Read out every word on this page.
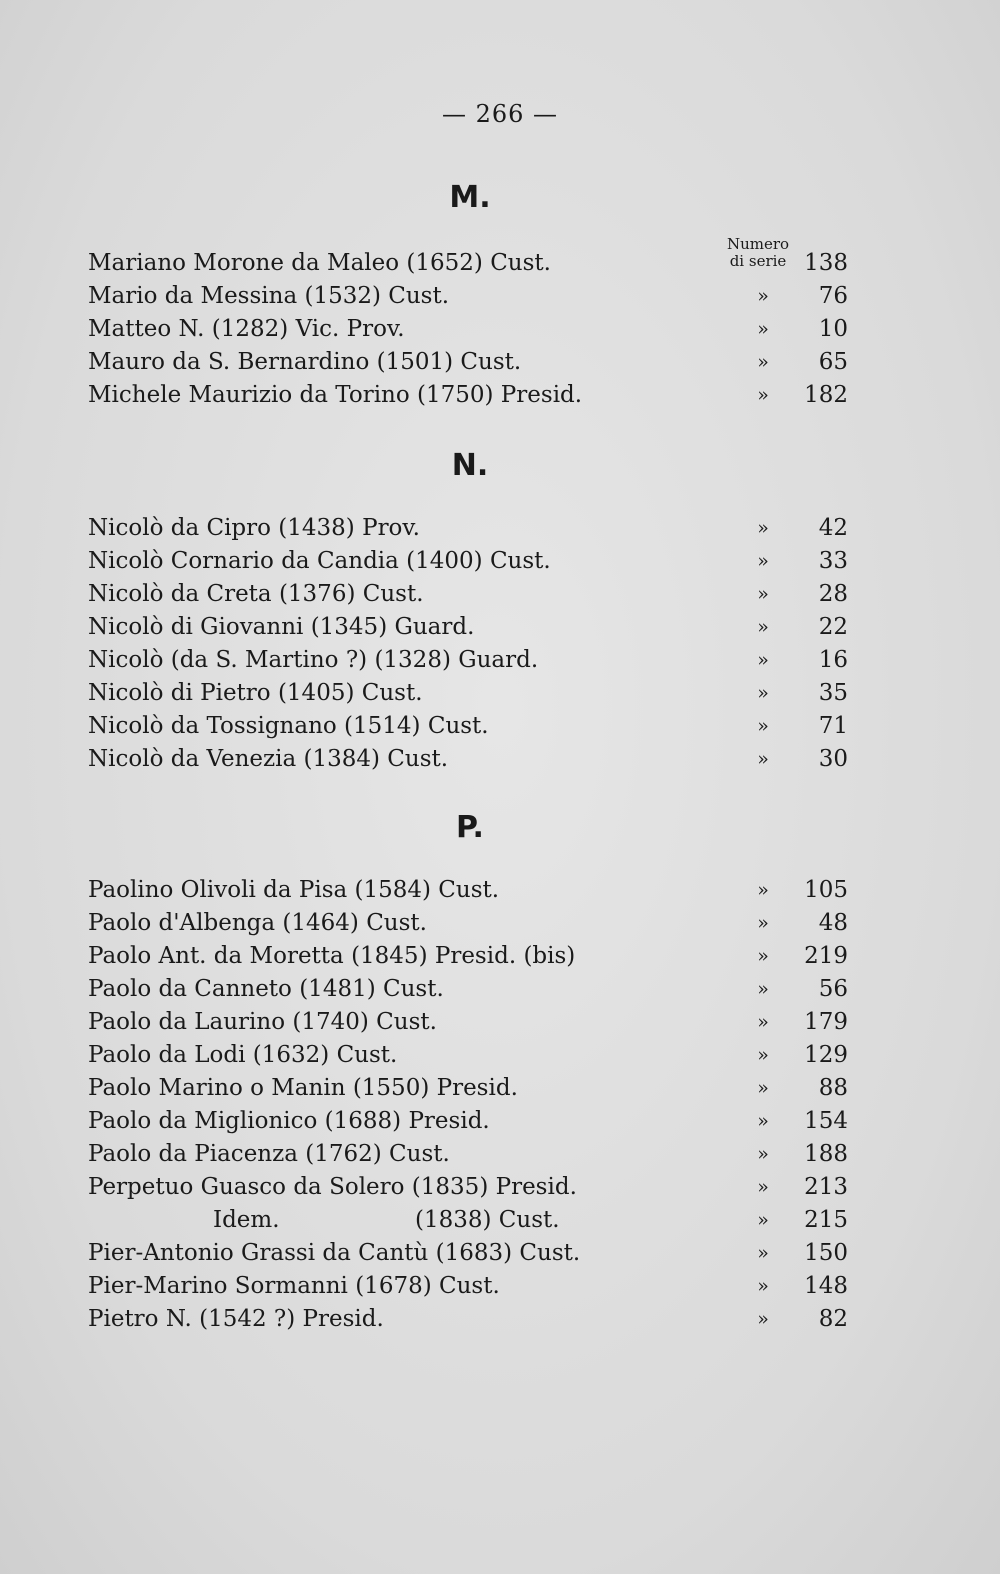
— 266 —
M.
Numero
di serie
Mariano Morone da Maleo (1652) Cust.	138
Mario da Messina (1532) Cust.	»	76
Matteo N. (1282) Vic. Prov.	»	10
Mauro da S. Bernardino (1501) Cust.	»	65
Michele Maurizio da Torino (1750) Presid.	»	182
N.
Nicolò da Cipro (1438) Prov.	»	42
Nicolò Cornario da Candia (1400) Cust.	»	33
Nicolò da Creta (1376) Cust.	»	28
Nicolò di Giovanni (1345) Guard.	»	22
Nicolò (da S. Martino ?) (1328) Guard.	»	16
Nicolò di Pietro (1405) Cust.	»	35
Nicolò da Tossignano (1514) Cust.	»	71
Nicolò da Venezia (1384) Cust.	»	30
P.
Paolino Olivoli da Pisa (1584) Cust.	»	105
Paolo d'Albenga (1464) Cust.	»	48
Paolo Ant. da Moretta (1845) Presid. (bis)	»	219
Paolo da Canneto (1481) Cust.	»	56
Paolo da Laurino (1740) Cust.	»	179
Paolo da Lodi (1632) Cust.	»	129
Paolo Marino o Manin (1550) Presid.	»	88
Paolo da Miglionico (1688) Presid.	»	154
Paolo da Piacenza (1762) Cust.	»	188
Perpetuo Guasco da Solero (1835) Presid.	»	213
Idem.	(1838) Cust.	»	215
Pier-Antonio Grassi da Cantù (1683) Cust.	»	150
Pier-Marino Sormanni (1678) Cust.	»	148
Pietro N. (1542 ?) Presid.	»	82
